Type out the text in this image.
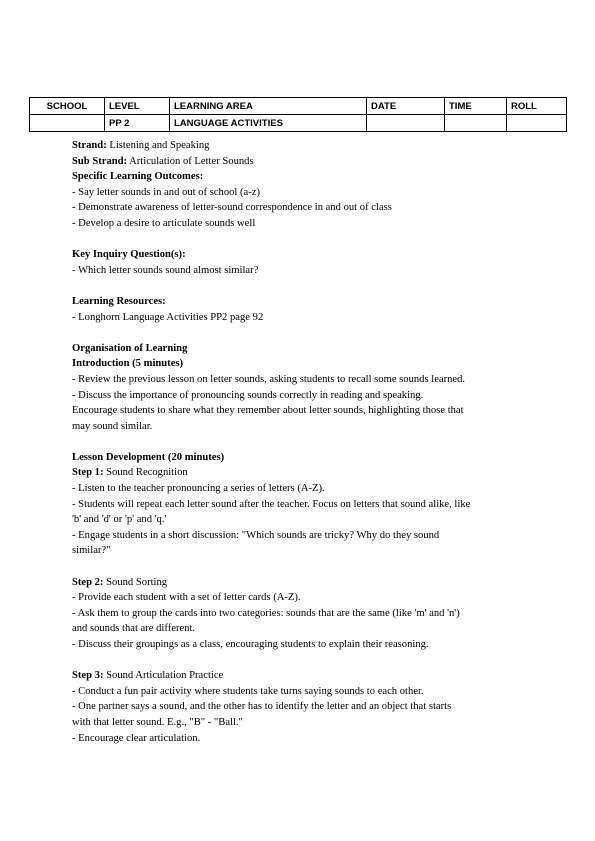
SCHOOL	LEVEL	LEARNING AREA	DATE	TIME	ROLL
	PP 2	LANGUAGE ACTIVITIES			

Strand: Listening and Speaking

Sub Strand: Articulation of Letter Sounds

Specific Learning Outcomes:

- Say letter sounds in and out of school (a-z)

- Demonstrate awareness of letter-sound correspondence in and out of class

- Develop a desire to articulate sounds well

Key Inquiry Question(s):

- Which letter sounds sound almost similar?

Learning Resources:

- Longhorn Language Activities PP2 page 92

Organisation of Learning

Introduction (5 minutes)

- Review the previous lesson on letter sounds, asking students to recall some sounds learned.

- Discuss the importance of pronouncing sounds correctly in reading and speaking.

Encourage students to share what they remember about letter sounds, highlighting those that

may sound similar.

Lesson Development (20 minutes)

Step 1: Sound Recognition

- Listen to the teacher pronouncing a series of letters (A-Z).

- Students will repeat each letter sound after the teacher. Focus on letters that sound alike, like

'b' and 'd' or 'p' and 'q.'

- Engage students in a short discussion: "Which sounds are tricky? Why do they sound

similar?"

Step 2: Sound Sorting

- Provide each student with a set of letter cards (A-Z).

- Ask them to group the cards into two categories: sounds that are the same (like 'm' and 'n')

and sounds that are different.

- Discuss their groupings as a class, encouraging students to explain their reasoning.

Step 3: Sound Articulation Practice

- Conduct a fun pair activity where students take turns saying sounds to each other.

- One partner says a sound, and the other has to identify the letter and an object that starts

with that letter sound. E.g., "B" - "Ball."

- Encourage clear articulation.
